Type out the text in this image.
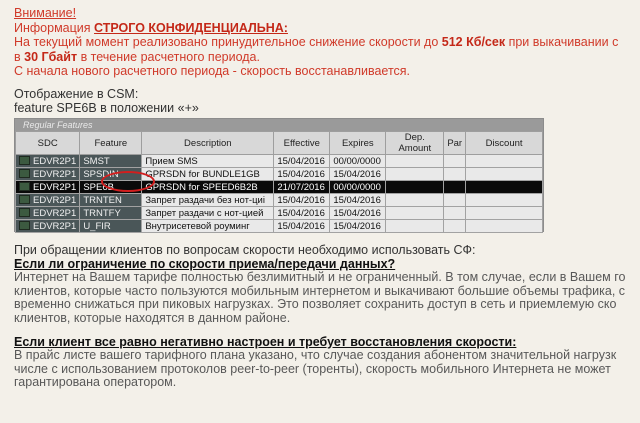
Внимание!
Информация СТРОГО КОНФИДЕНЦИАЛЬНА:
На текущий момент реализовано принудительное снижение скорости до 512 Кб/сек при выкачивании с
в 30 Гбайт в течение расчетного периода.
С начала нового расчетного периода - скорость восстанавливается.
Отображение в CSM:
feature SPE6B в положении «+»
Regular Features
SDC	Feature	Description	Effective	Expires	Dep. Amount	Par	Discount
EDVR2P1	SMST	Прием SMS	15/04/2016	00/00/0000			
EDVR2P1	SPSDIN	GPRSDN for BUNDLE1GB	15/04/2016	15/04/2016			
EDVR2P1	SPE6B	GPRSDN for SPEED6B2B	21/07/2016	00/00/0000			
EDVR2P1	TRNTEN	Запрет раздачи без нот-циі	15/04/2016	15/04/2016			
EDVR2P1	TRNTFY	Запрет раздачи с нот-цией	15/04/2016	15/04/2016			
EDVR2P1	U_FIR	Внутрисетевой роуминг	15/04/2016	15/04/2016			
При обращении клиентов по вопросам скорости необходимо использовать СФ:
Если ли ограничение по скорости приема/передачи данных?
Интернет на Вашем тарифе полностью безлимитный и не ограниченный. В том случае, если в Вашем го
клиентов, которые часто пользуются мобильным интернетом и выкачивают большие объемы трафика, с
временно снижаться при пиковых нагрузках. Это позволяет сохранить доступ в сеть и приемлемую ско
клиентов, которые находятся в данном районе.
Если клиент все равно негативно настроен и требует восстановления скорости:
В прайс листе вашего тарифного плана указано, что случае создания абонентом значительной нагрузк
числе с использованием протоколов peer-to-peer (торенты), скорость мобильного Интернета не может
гарантирована оператором.
